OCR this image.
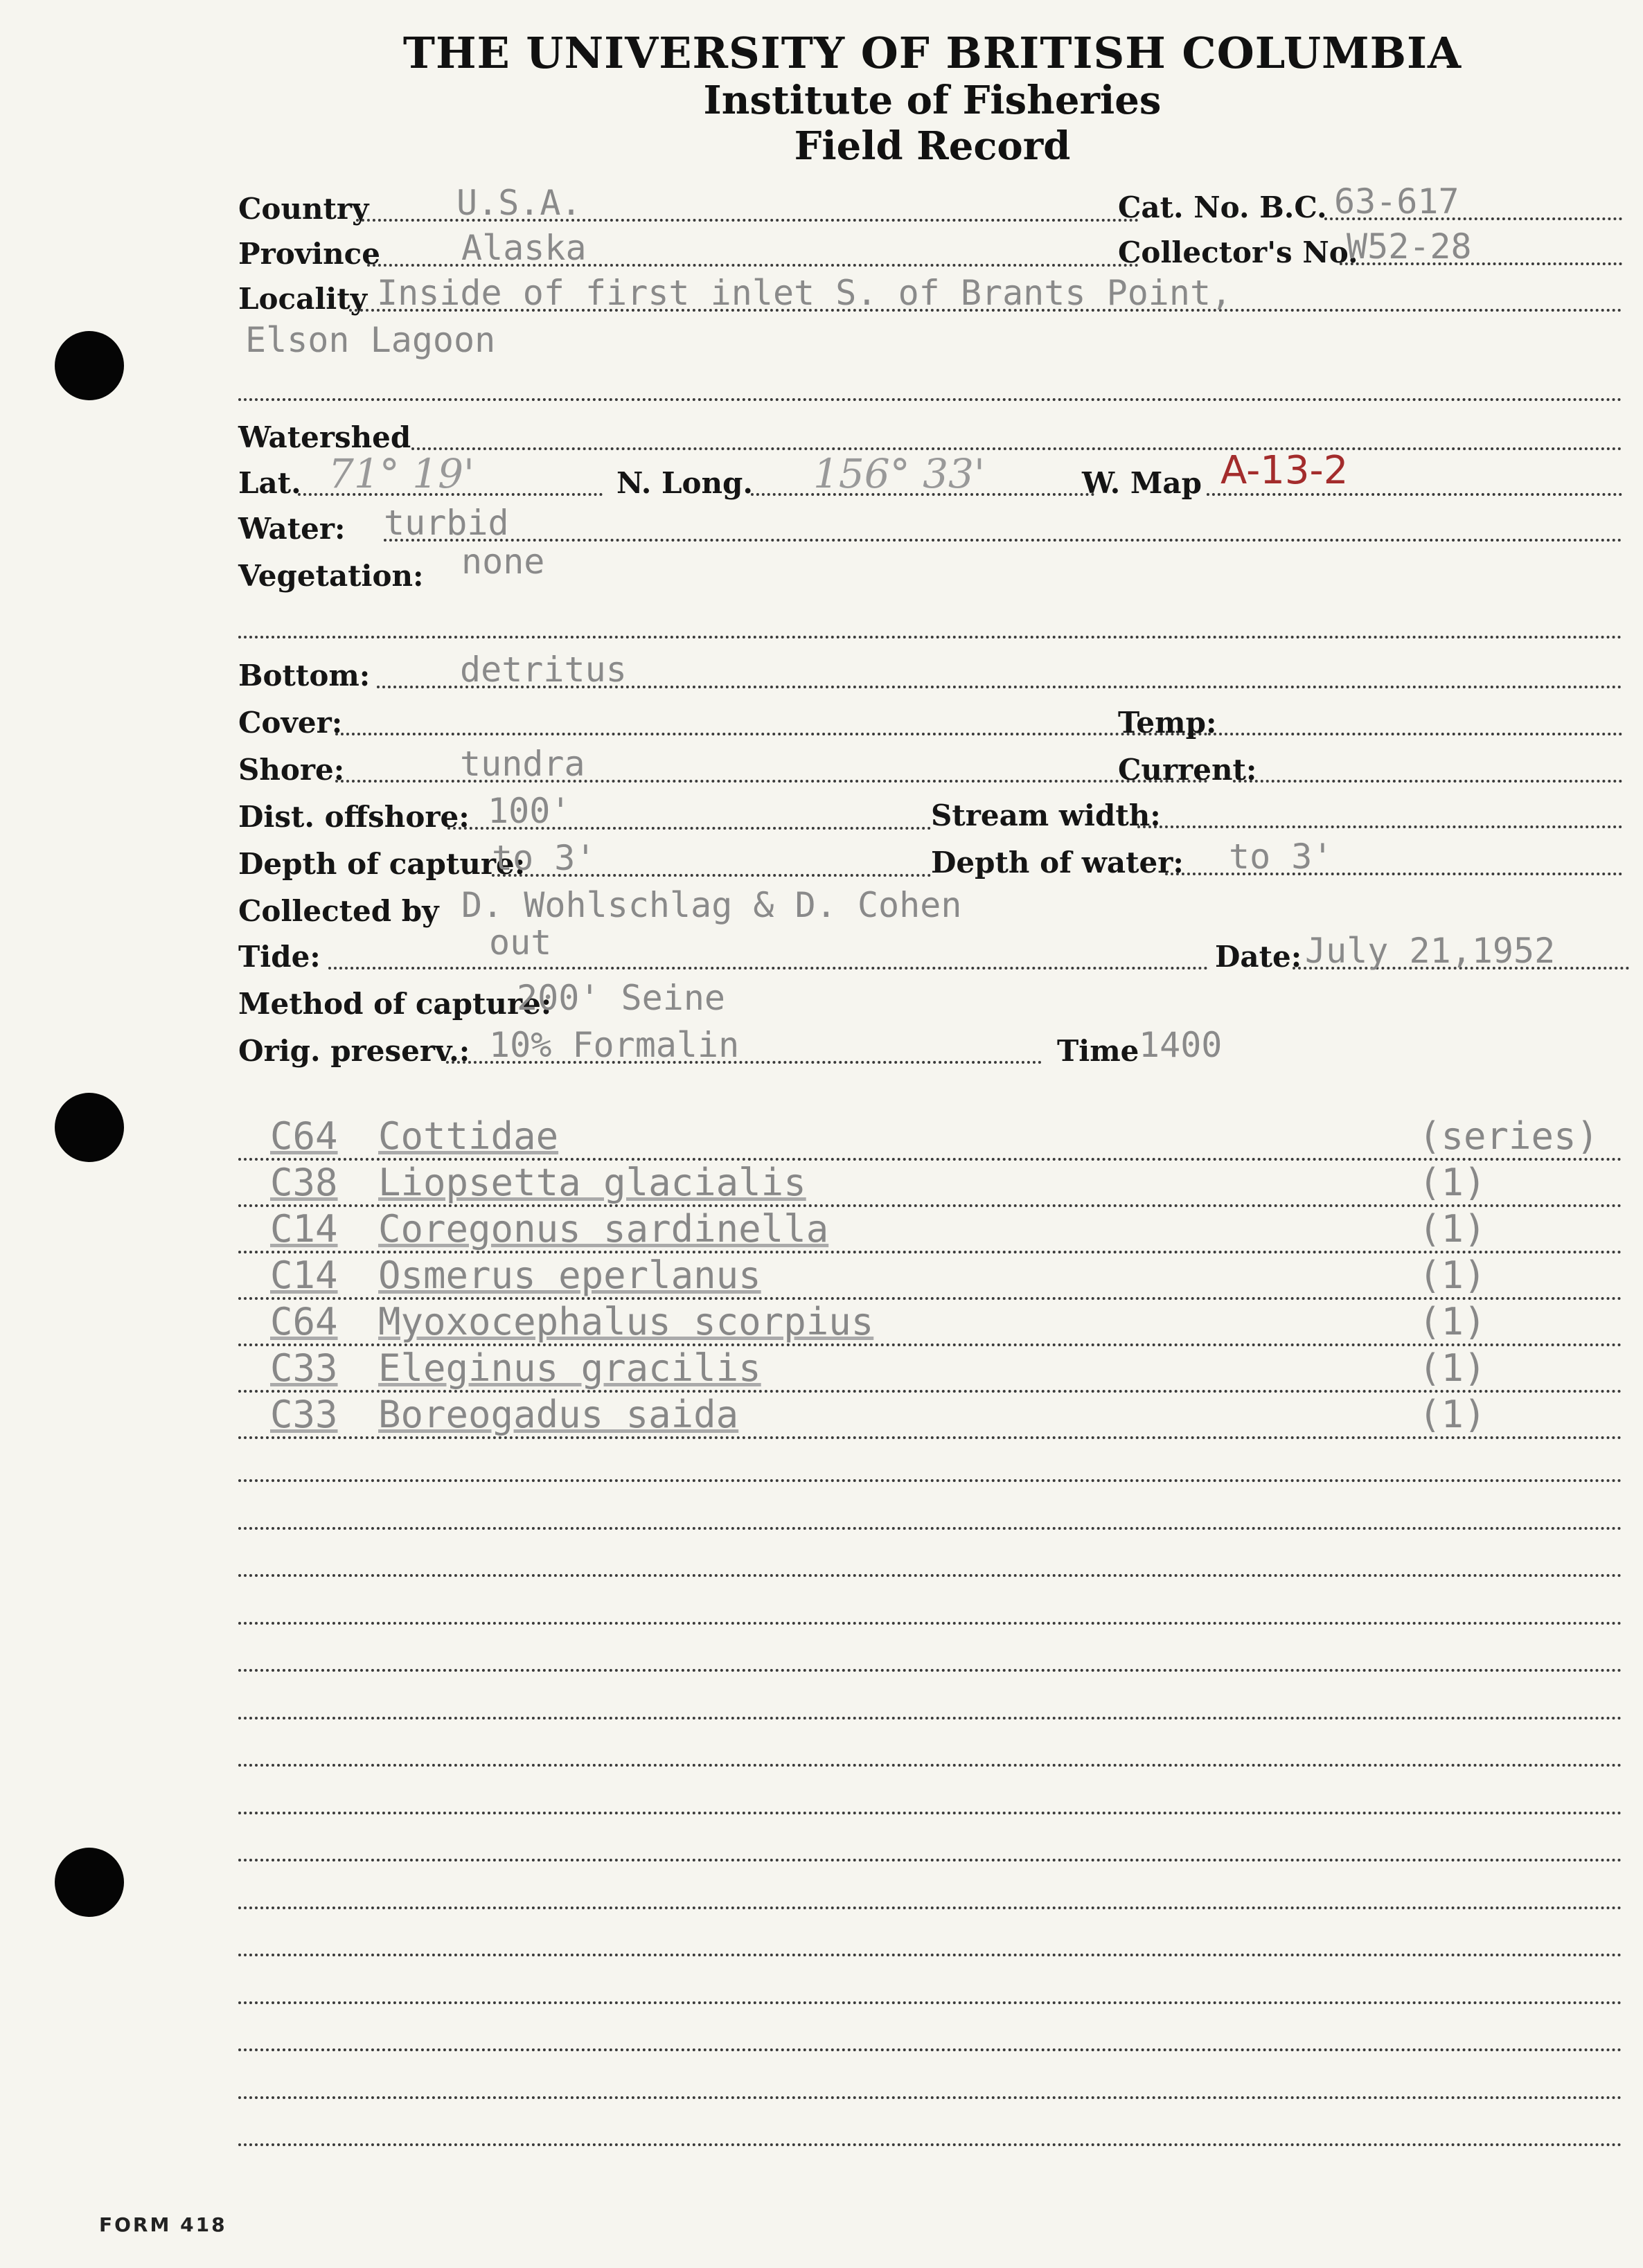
THE UNIVERSITY OF BRITISH COLUMBIA
Institute of Fisheries
Field Record
Country	U.S.A.	Cat. No. B.C. 63-617
Province Alaska	Collector's No.
W52-28
Locality Inside of first inlet S. of Brants Point,
Elson Lagoon
Watershed
Lat. 71° 19'	N. Long. 156° 33'	W. Map A-13-2
Water: turbid
Vegetation: none
Bottom:	detritus
Cover:	Temp:
Shore:	tundra	Current:
Dist. offshore: 100'	Stream width:
Depth of capture:
to 3'	Depth of water: to 3'
Collected by D. Wohlschlag & D. Cohen
Tide:	out	Date: July 21,1952
Method of capture:
200' Seine
Orig. preserv.: 10% Formalin	Time 1400
C64 Cottidae	(series)
C38 Liopsetta glacialis	(1)
C14 Coregonus sardinella	(1)
C14 Osmerus eperlanus	(1)
C64 Myoxocephalus scorpius	(1)
C33 Eleginus gracilis	(1)
C33 Boreogadus saida	(1)
FORM 418
